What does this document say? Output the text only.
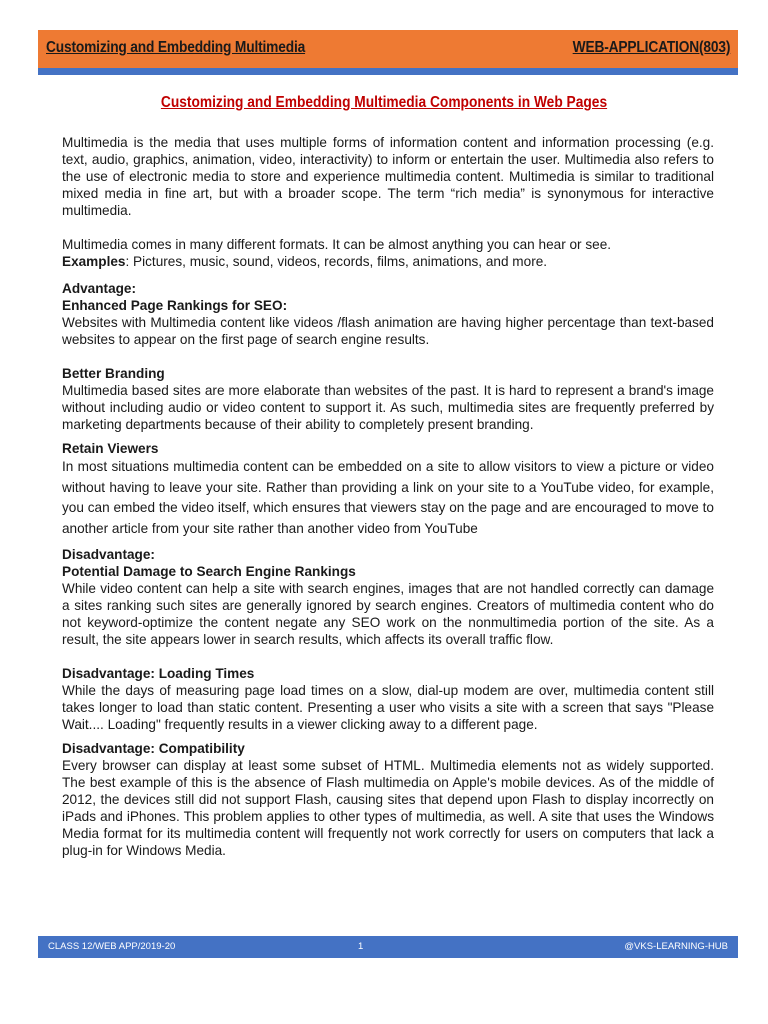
Customizing and Embedding Multimedia	WEB-APPLICATION(803)
Customizing and Embedding Multimedia Components in Web Pages

Multimedia is the media that uses multiple forms of information content and information processing (e.g. text, audio, graphics, animation, video, interactivity) to inform or entertain the user. Multimedia also refers to the use of electronic media to store and experience multimedia content. Multimedia is similar to traditional mixed media in fine art, but with a broader scope. The term “rich media” is synonymous for interactive multimedia.

Multimedia comes in many different formats. It can be almost anything you can hear or see.
Examples: Pictures, music, sound, videos, records, films, animations, and more.

Advantage:

Enhanced Page Rankings for SEO:

Websites with Multimedia content like videos /flash animation are having higher percentage than text-based websites to appear on the first page of search engine results.

Better Branding

Multimedia based sites are more elaborate than websites of the past. It is hard to represent a brand's image without including audio or video content to support it. As such, multimedia sites are frequently preferred by marketing departments because of their ability to completely present branding.

Retain Viewers

In most situations multimedia content can be embedded on a site to allow visitors to view a picture or video without having to leave your site. Rather than providing a link on your site to a YouTube video, for example, you can embed the video itself, which ensures that viewers stay on the page and are encouraged to move to another article from your site rather than another video from YouTube

Disadvantage:

Potential Damage to Search Engine Rankings

While video content can help a site with search engines, images that are not handled correctly can damage a sites ranking such sites are generally ignored by search engines. Creators of multimedia content who do not keyword-optimize the content negate any SEO work on the nonmultimedia portion of the site. As a result, the site appears lower in search results, which affects its overall traffic flow.

Disadvantage: Loading Times

While the days of measuring page load times on a slow, dial-up modem are over, multimedia content still takes longer to load than static content. Presenting a user who visits a site with a screen that says "Please Wait.... Loading" frequently results in a viewer clicking away to a different page.

Disadvantage: Compatibility

Every browser can display at least some subset of HTML. Multimedia elements not as widely supported. The best example of this is the absence of Flash multimedia on Apple's mobile devices. As of the middle of 2012, the devices still did not support Flash, causing sites that depend upon Flash to display incorrectly on iPads and iPhones. This problem applies to other types of multimedia, as well. A site that uses the Windows Media format for its multimedia content will frequently not work correctly for users on computers that lack a plug-in for Windows Media.

CLASS 12/WEB APP/2019-20	1	@VKS-LEARNING-HUB
